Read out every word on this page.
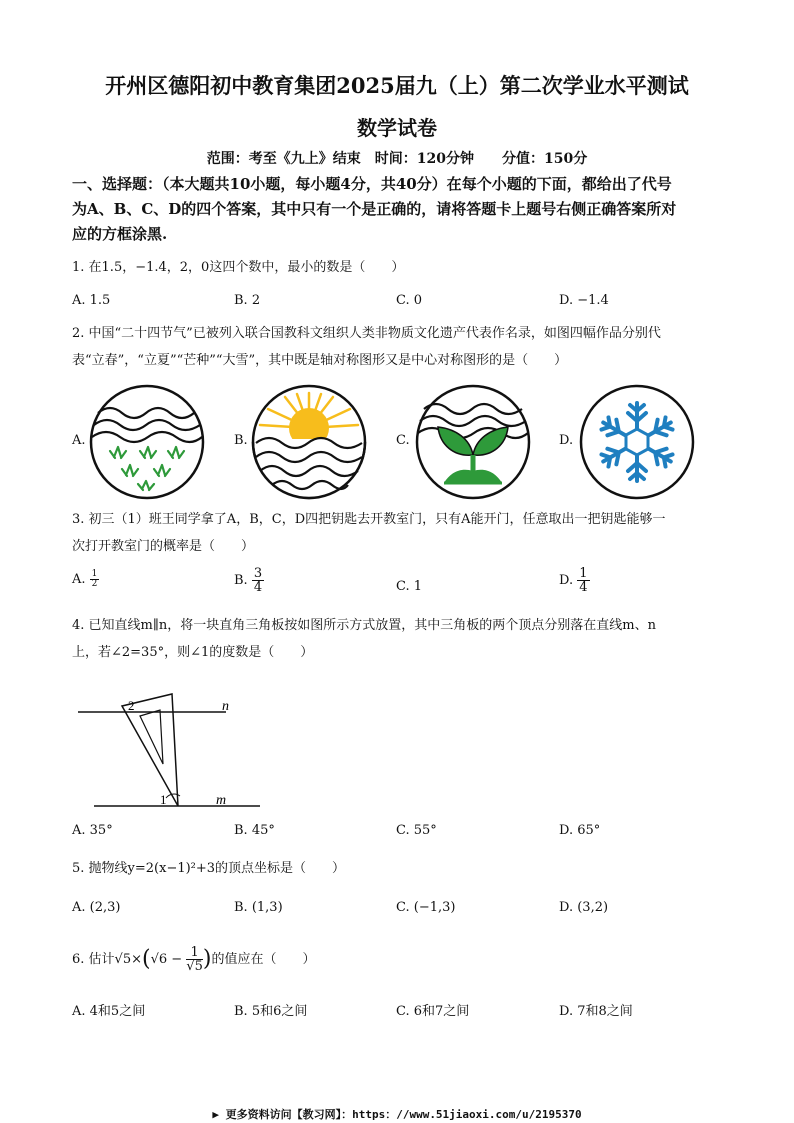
开州区德阳初中教育集团2025届九（上）第二次学业水平测试
数学试卷
范围：考至《九上》结束　时间：120分钟　　分值：150分
一、选择题：（本大题共10小题，每小题4分，共40分）在每个小题的下面，都给出了代号
为A、B、C、D的四个答案，其中只有一个是正确的，请将答题卡上题号右侧正确答案所对
应的方框涂黑.
1. 在1.5，−1.4，2，0这四个数中，最小的数是（　　）
A. 1.5	B. 2	C. 0	D. −1.4
2. 中国“二十四节气”已被列入联合国教科文组织人类非物质文化遗产代表作名录，如图四幅作品分别代
表“立春”，“立夏”“芒种”“大雪”，其中既是轴对称图形又是中心对称图形的是（　　）
A.	B.	C.	D.
3. 初三（1）班王同学拿了A，B，C，D四把钥匙去开教室门，只有A能开门，任意取出一把钥匙能够一
次打开教室门的概率是（　　）
A. $\frac{1}{2}$	B. $\frac{3}{4}$	C. 1	D. $\frac{1}{4}$
4. 已知直线m∥n，将一块直角三角板按如图所示方式放置，其中三角板的两个顶点分别落在直线m、n
上，若∠2=35°，则∠1的度数是（　　）
2
1
n
m
A. 35°	B. 45°	C. 55°	D. 65°
5. 抛物线y=2(x−1)²+3的顶点坐标是（　　）
A. (2,3)	B. (1,3)	C. (−1,3)	D. (3,2)
6. 估计$√5\times(√6 - \frac{1}{√5}$ )的值应在（　　）
A. 4和5之间	B. 5和6之间	C. 6和7之间	D. 7和8之间
▶ 更多资料访问【教习网】：https：//www.51jiaoxi.com/u/2195370
